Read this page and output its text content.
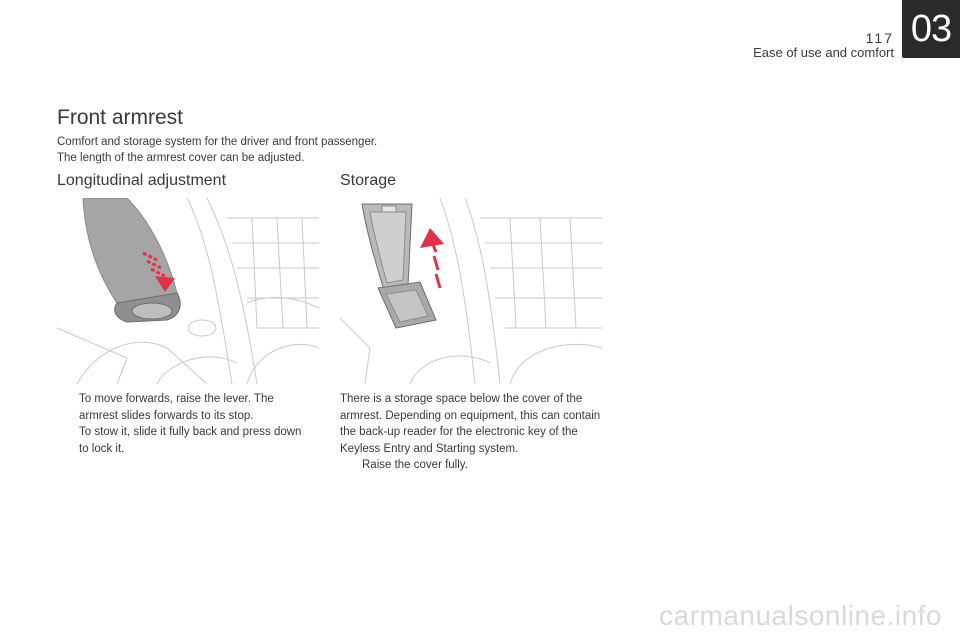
117
Ease of use and comfort
03
Front armrest
Comfort and storage system for the driver and front passenger.
The length of the armrest cover can be adjusted.
Longitudinal adjustment	Storage
To move forwards, raise the lever. The armrest slides forwards to its stop.
To stow it, slide it fully back and press down to lock it.
There is a storage space below the cover of the armrest. Depending on equipment, this can contain the back-up reader for the electronic key of the Keyless Entry and Starting system.
Raise the cover fully.
carmanualsonline.info
